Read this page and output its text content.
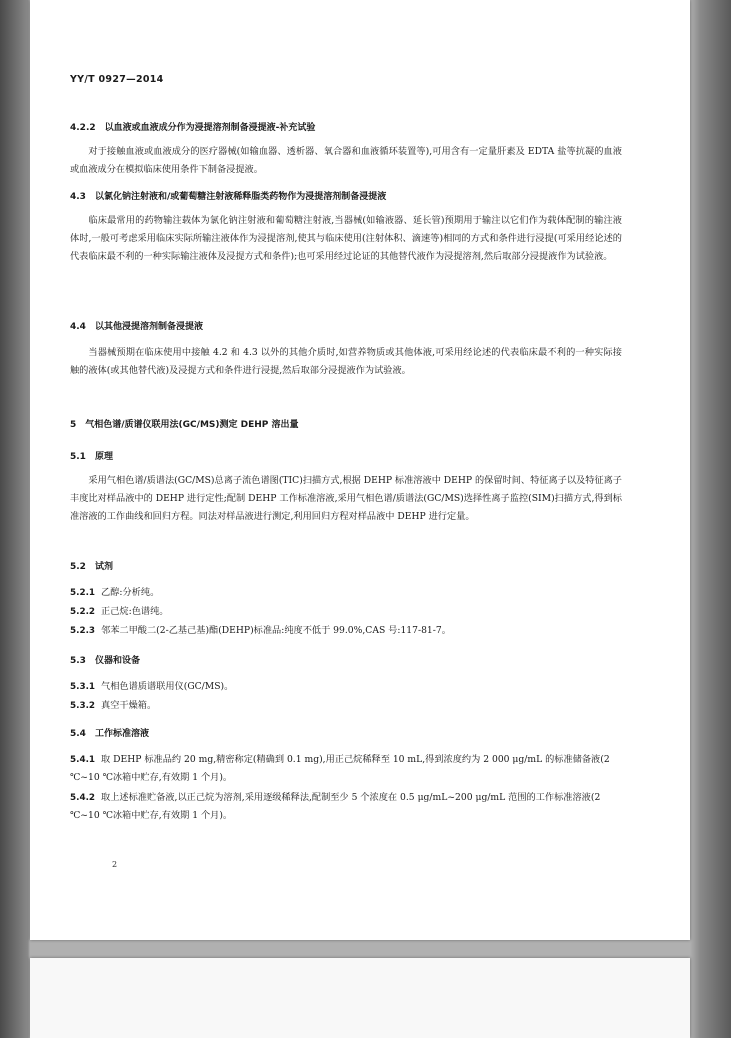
YY/T 0927—2014
4.2.2 以血液或血液成分作为浸提溶剂制备浸提液-补充试验
对于接触血液或血液成分的医疗器械(如输血器、透析器、氧合器和血液循环装置等),可用含有一定量肝素及 EDTA 盐等抗凝的血液或血液成分在模拟临床使用条件下制备浸提液。
4.3 以氯化钠注射液和/或葡萄糖注射液稀释脂类药物作为浸提溶剂制备浸提液
临床最常用的药物输注载体为氯化钠注射液和葡萄糖注射液,当器械(如输液器、延长管)预期用于输注以它们作为载体配制的输注液体时,一般可考虑采用临床实际所输注液体作为浸提溶剂,使其与临床使用(注射体积、滴速等)相同的方式和条件进行浸提(可采用经论述的代表临床最不利的一种实际输注液体及浸提方式和条件);也可采用经过论证的其他替代液作为浸提溶剂,然后取部分浸提液作为试验液。
4.4 以其他浸提溶剂制备浸提液
当器械预期在临床使用中接触 4.2 和 4.3 以外的其他介质时,如营养物质或其他体液,可采用经论述的代表临床最不利的一种实际接触的液体(或其他替代液)及浸提方式和条件进行浸提,然后取部分浸提液作为试验液。
5 气相色谱/质谱仪联用法(GC/MS)测定 DEHP 溶出量
5.1 原理
采用气相色谱/质谱法(GC/MS)总离子流色谱图(TIC)扫描方式,根据 DEHP 标准溶液中 DEHP 的保留时间、特征离子以及特征离子丰度比对样品液中的 DEHP 进行定性;配制 DEHP 工作标准溶液,采用气相色谱/质谱法(GC/MS)选择性离子监控(SIM)扫描方式,得到标准溶液的工作曲线和回归方程。同法对样品液进行测定,利用回归方程对样品液中 DEHP 进行定量。
5.2 试剂
5.2.1 乙醇:分析纯。
5.2.2 正己烷:色谱纯。
5.2.3 邻苯二甲酸二(2-乙基己基)酯(DEHP)标准品:纯度不低于 99.0%,CAS 号:117-81-7。
5.3 仪器和设备
5.3.1 气相色谱质谱联用仪(GC/MS)。
5.3.2 真空干燥箱。
5.4 工作标准溶液
5.4.1 取 DEHP 标准品约 20 mg,精密称定(精确到 0.1 mg),用正己烷稀释至 10 mL,得到浓度约为 2 000 μg/mL 的标准储备液(2 ℃~10 ℃冰箱中贮存,有效期 1 个月)。
5.4.2 取上述标准贮备液,以正己烷为溶剂,采用逐级稀释法,配制至少 5 个浓度在 0.5 μg/mL~200 μg/mL 范围的工作标准溶液(2 ℃~10 ℃冰箱中贮存,有效期 1 个月)。
2
